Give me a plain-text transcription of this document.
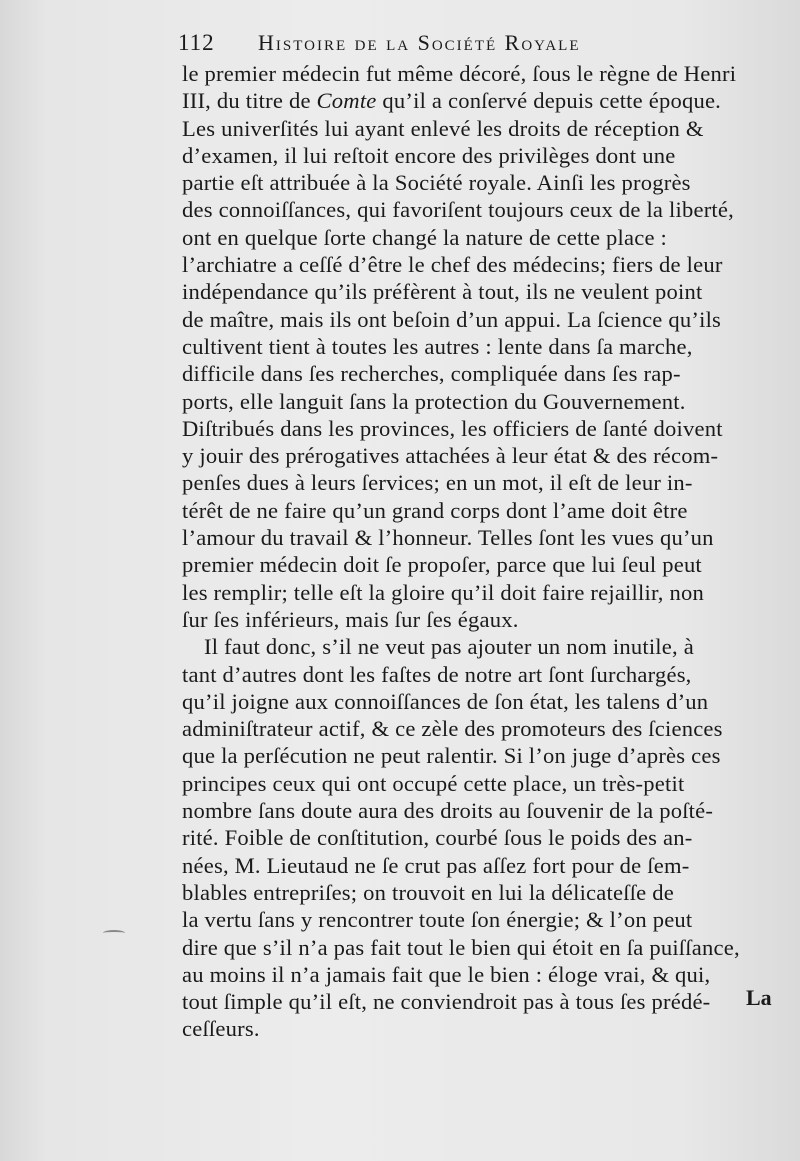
112 Histoire de la Société Royale
le premier médecin fut même décoré, ſous le règne de Henri
III, du titre de Comte qu’il a conſervé depuis cette époque.
Les univerſités lui ayant enlevé les droits de réception &
d’examen, il lui reſtoit encore des privilèges dont une
partie eſt attribuée à la Société royale. Ainſi les progrès
des connoiſſances, qui favoriſent toujours ceux de la liberté,
ont en quelque ſorte changé la nature de cette place :
l’archiatre a ceſſé d’être le chef des médecins; fiers de leur
indépendance qu’ils préfèrent à tout, ils ne veulent point
de maître, mais ils ont beſoin d’un appui. La ſcience qu’ils
cultivent tient à toutes les autres : lente dans ſa marche,
difficile dans ſes recherches, compliquée dans ſes rap-
ports, elle languit ſans la protection du Gouvernement.
Diſtribués dans les provinces, les officiers de ſanté doivent
y jouir des prérogatives attachées à leur état & des récom-
penſes dues à leurs ſervices; en un mot, il eſt de leur in-
térêt de ne faire qu’un grand corps dont l’ame doit être
l’amour du travail & l’honneur. Telles ſont les vues qu’un
premier médecin doit ſe propoſer, parce que lui ſeul peut
les remplir; telle eſt la gloire qu’il doit faire rejaillir, non
ſur ſes inférieurs, mais ſur ſes égaux.
Il faut donc, s’il ne veut pas ajouter un nom inutile, à
tant d’autres dont les faſtes de notre art ſont ſurchargés,
qu’il joigne aux connoiſſances de ſon état, les talens d’un
adminiſtrateur actif, & ce zèle des promoteurs des ſciences
que la perſécution ne peut ralentir. Si l’on juge d’après ces
principes ceux qui ont occupé cette place, un très-petit
nombre ſans doute aura des droits au ſouvenir de la poſté-
rité. Foible de conſtitution, courbé ſous le poids des an-
nées, M. Lieutaud ne ſe crut pas aſſez fort pour de ſem-
blables entrepriſes; on trouvoit en lui la délicateſſe de
la vertu ſans y rencontrer toute ſon énergie; & l’on peut
dire que s’il n’a pas fait tout le bien qui étoit en ſa puiſſance,
au moins il n’a jamais fait que le bien : éloge vrai, & qui,
tout ſimple qu’il eſt, ne conviendroit pas à tous ſes prédé-
ceſſeurs.
La
